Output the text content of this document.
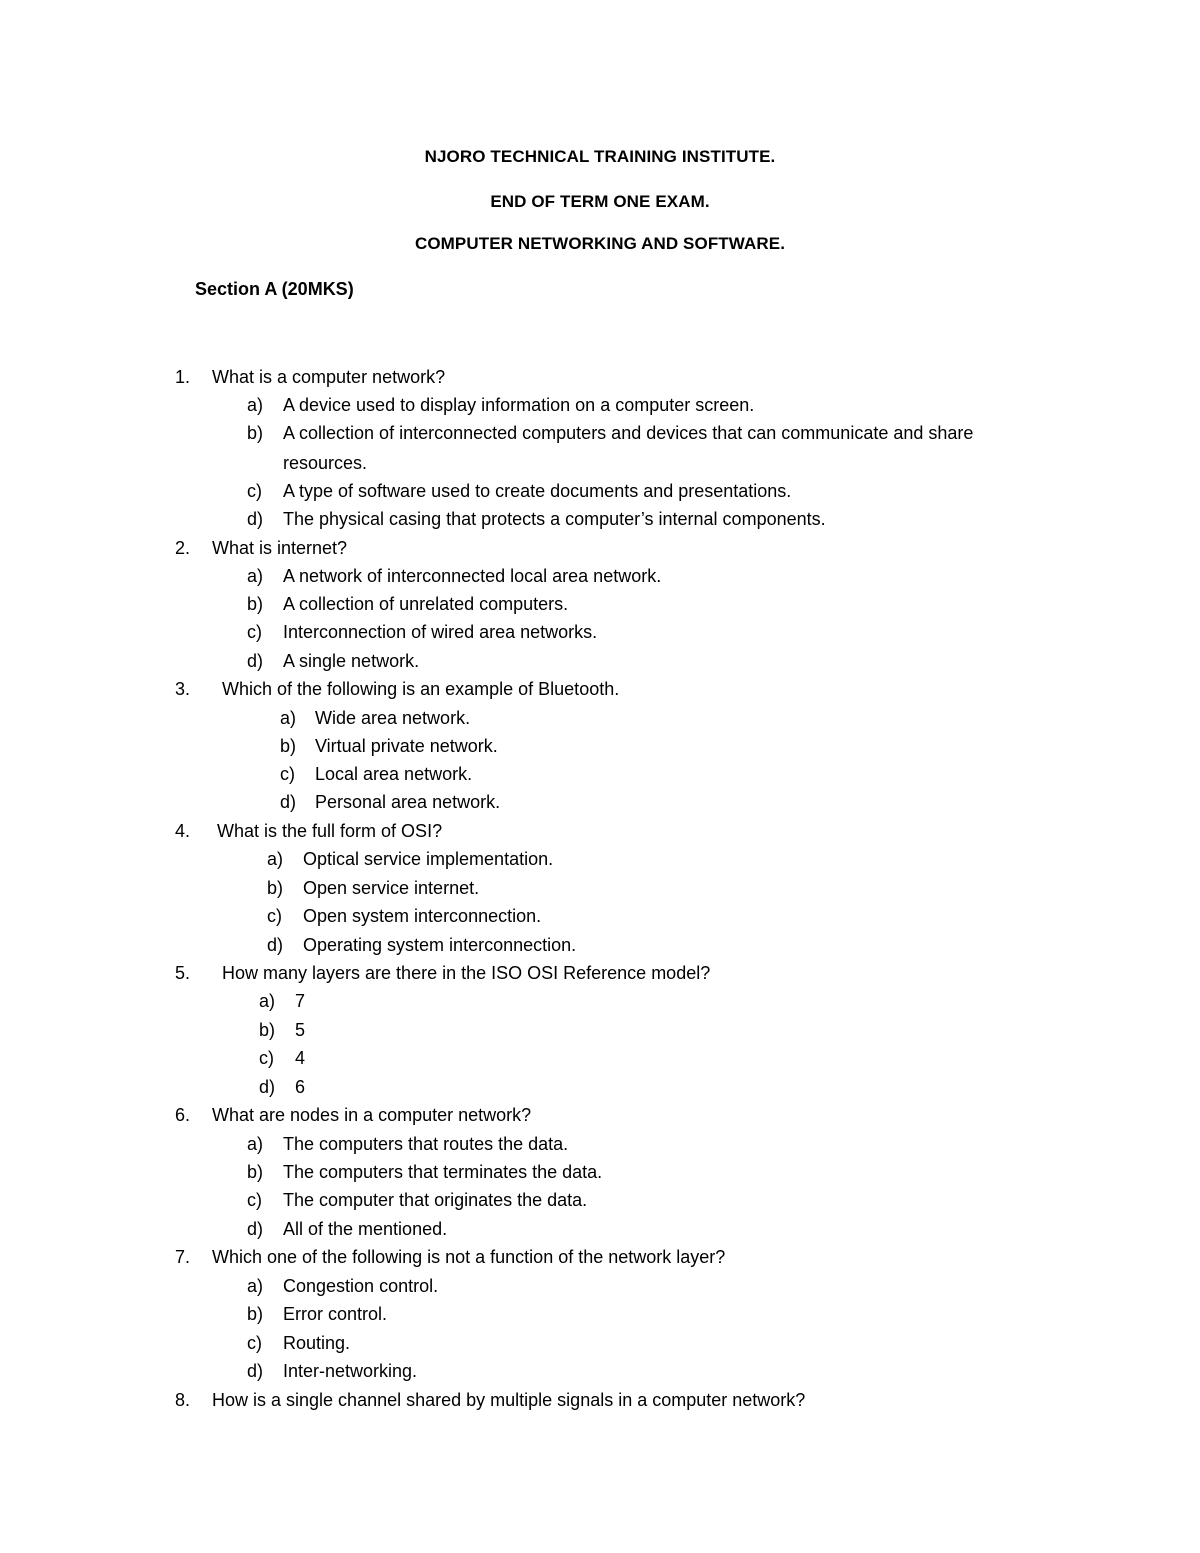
NJORO TECHNICAL TRAINING INSTITUTE.
END OF TERM ONE EXAM.
COMPUTER NETWORKING AND SOFTWARE.
Section A (20MKS)
1. What is a computer network?
a) A device used to display information on a computer screen.
b) A collection of interconnected computers and devices that can communicate and share
resources.
c) A type of software used to create documents and presentations.
d) The physical casing that protects a computer’s internal components.
2. What is internet?
a) A network of interconnected local area network.
b) A collection of unrelated computers.
c) Interconnection of wired area networks.
d) A single network.
3. Which of the following is an example of Bluetooth.
a) Wide area network.
b) Virtual private network.
c) Local area network.
d) Personal area network.
4. What is the full form of OSI?
a) Optical service implementation.
b) Open service internet.
c) Open system interconnection.
d) Operating system interconnection.
5. How many layers are there in the ISO OSI Reference model?
a) 7
b) 5
c) 4
d) 6
6. What are nodes in a computer network?
a) The computers that routes the data.
b) The computers that terminates the data.
c) The computer that originates the data.
d) All of the mentioned.
7. Which one of the following is not a function of the network layer?
a) Congestion control.
b) Error control.
c) Routing.
d) Inter-networking.
8. How is a single channel shared by multiple signals in a computer network?
